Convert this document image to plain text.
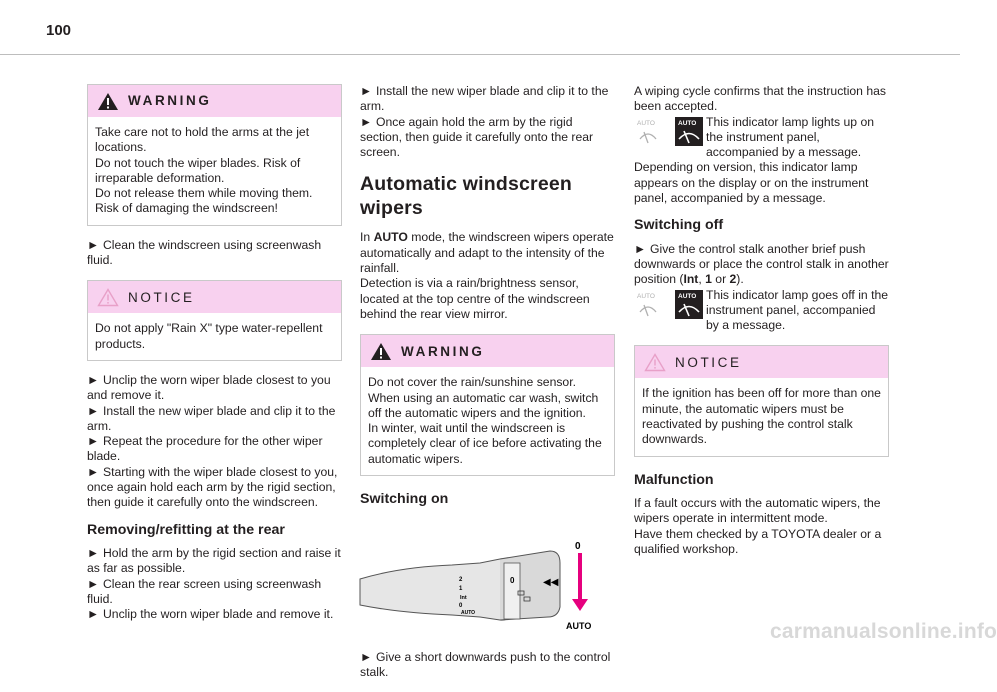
100
WARNING

Take care not to hold the arms at the jet locations.

Do not touch the wiper blades. Risk of irreparable deformation.

Do not release them while moving them. Risk of damaging the windscreen!

► Clean the windscreen using screenwash fluid.

NOTICE

Do not apply "Rain X" type water-repellent products.

► Unclip the worn wiper blade closest to you and remove it.

► Install the new wiper blade and clip it to the arm.

► Repeat the procedure for the other wiper blade.

► Starting with the wiper blade closest to you, once again hold each arm by the rigid section, then guide it carefully onto the windscreen.

Removing/refitting at the rear

► Hold the arm by the rigid section and raise it as far as possible.

► Clean the rear screen using screenwash fluid.

► Unclip the worn wiper blade and remove it.

► Install the new wiper blade and clip it to the arm.

► Once again hold the arm by the rigid section, then guide it carefully onto the rear screen.

Automatic windscreen wipers

In AUTO mode, the windscreen wipers operate automatically and adapt to the intensity of the rainfall.

Detection is via a rain/brightness sensor, located at the top centre of the windscreen behind the rear view mirror.

WARNING

Do not cover the rain/sunshine sensor.

When using an automatic car wash, switch off the automatic wipers and the ignition.

In winter, wait until the windscreen is completely clear of ice before activating the automatic wipers.

Switching on
2
1
Int
0
AUTO
0	◀◀
0
AUTO

► Give a short downwards push to the control stalk.

A wiping cycle confirms that the instruction has been accepted.

AUTO	AUTO This indicator lamp lights up on the instrument panel, accompanied by a message.

Depending on version, this indicator lamp appears on the display or on the instrument panel, accompanied by a message.

Switching off

► Give the control stalk another brief push downwards or place the control stalk in another position (Int, 1 or 2).

AUTO	AUTO This indicator lamp goes off in the instrument panel, accompanied by a message.
NOTICE

If the ignition has been off for more than one minute, the automatic wipers must be reactivated by pushing the control stalk downwards.

Malfunction

If a fault occurs with the automatic wipers, the wipers operate in intermittent mode.

Have them checked by a TOYOTA dealer or a qualified workshop.

carmanualsonline.info
